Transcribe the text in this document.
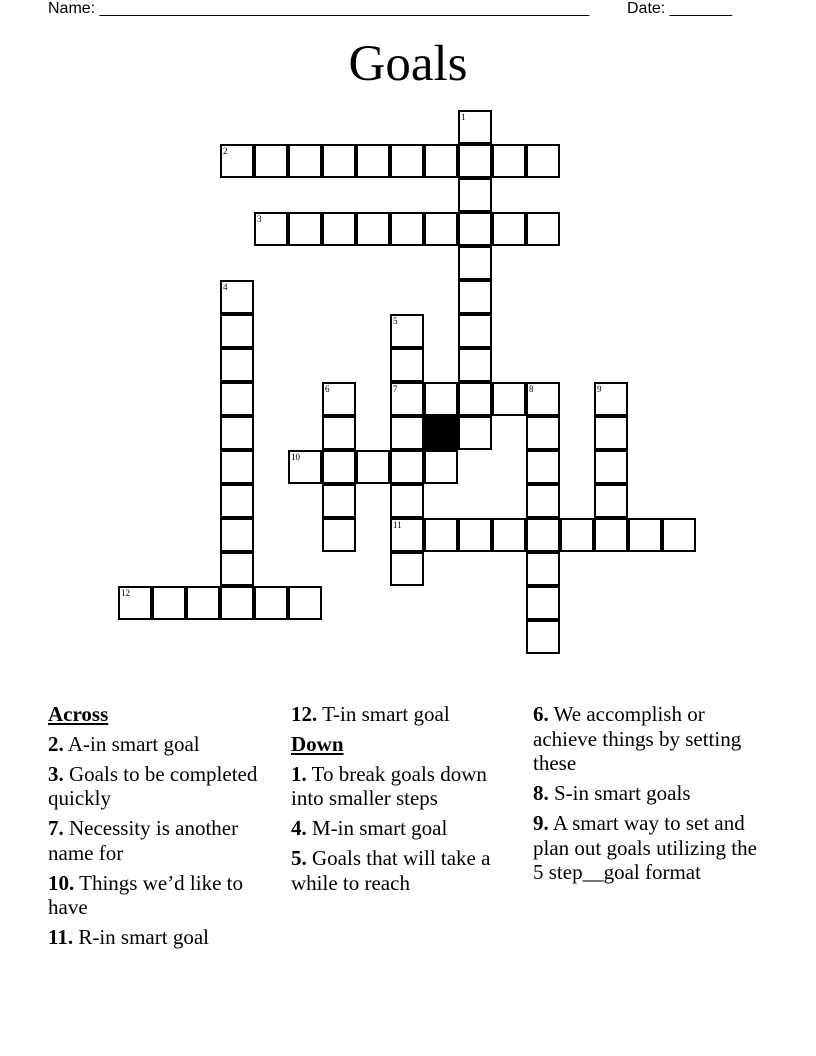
Name: _______________________________________________________ Date: _______
Goals
1
2
3
4
5
6	7	8	9
10
11
12
Across
2. A-in smart goal
3. Goals to be completed quickly
7. Necessity is another name for
10. Things we’d like to have
11. R-in smart goal
12. T-in smart goal
Down
1. To break goals down into smaller steps
4. M-in smart goal
5. Goals that will take a while to reach
6. We accomplish or achieve things by setting these
8. S-in smart goals
9. A smart way to set and plan out goals utilizing the 5 step__goal format
